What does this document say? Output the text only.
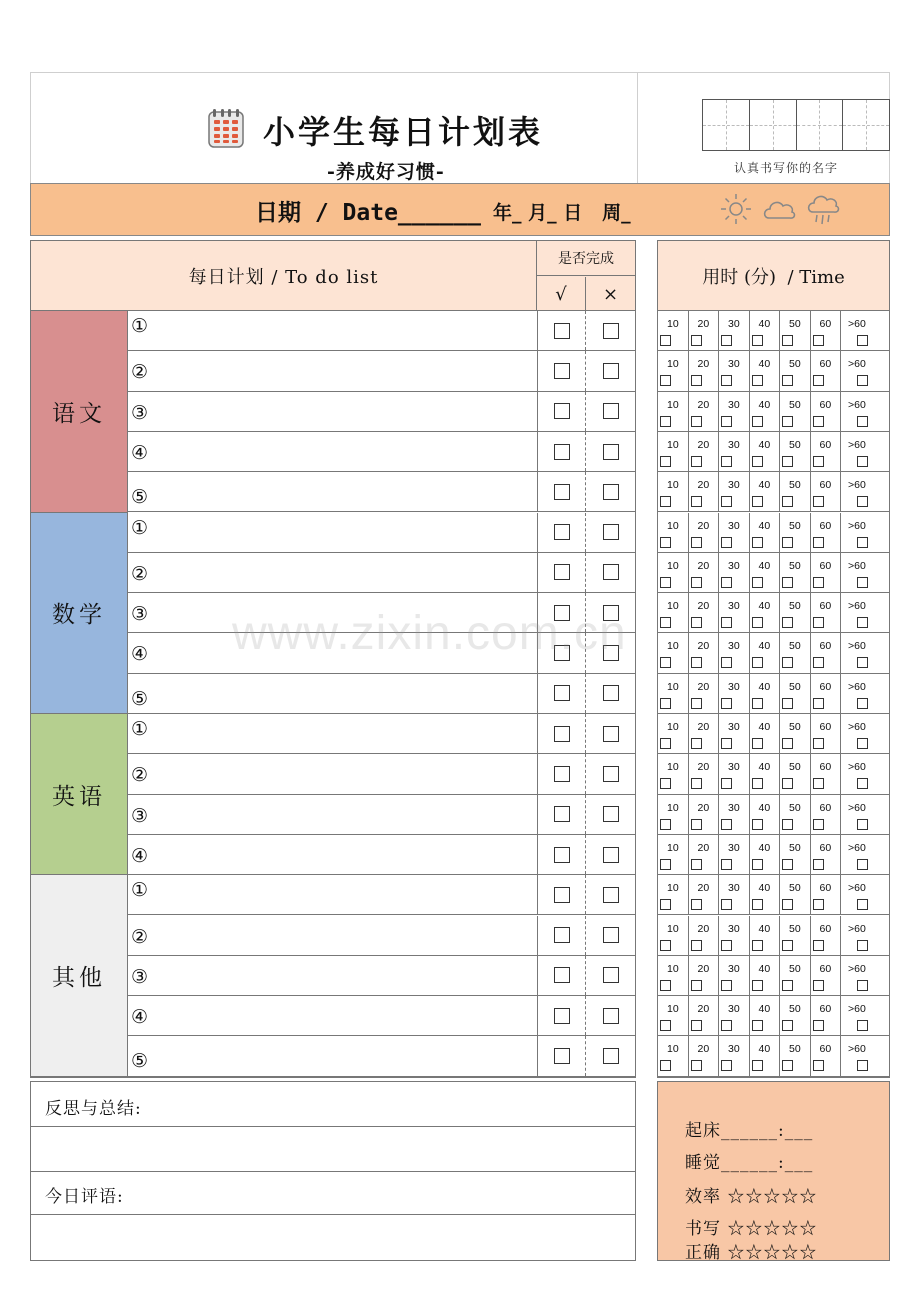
小学生每日计划表
-养成好习惯-	认真书写你的名字
日期 / Date______ 年_ 月_ 日   周_
每日计划 / To do list
是否完成
√	×
语文
①
②
③
④
⑤
数学
①
②
③
④
⑤
英语
①
②
③
④
其他
①
②
③
④
⑤
用时 (分)  / Time
10 20 30 40 50 60 >60
10 20 30 40 50 60 >60
10 20 30 40 50 60 >60
10 20 30 40 50 60 >60
10 20 30 40 50 60 >60
10 20 30 40 50 60 >60
10 20 30 40 50 60 >60
10 20 30 40 50 60 >60
10 20 30 40 50 60 >60
10 20 30 40 50 60 >60
10 20 30 40 50 60 >60
10 20 30 40 50 60 >60
10 20 30 40 50 60 >60
10 20 30 40 50 60 >60
10 20 30 40 50 60 >60
10 20 30 40 50 60 >60
10 20 30 40 50 60 >60
10 20 30 40 50 60 >60
10 20 30 40 50 60 >60
反思与总结:
今日评语:
起床______:___
睡觉______:___
效率 ☆☆☆☆☆
书写 ☆☆☆☆☆
正确 ☆☆☆☆☆
www.zixin.com.cn
